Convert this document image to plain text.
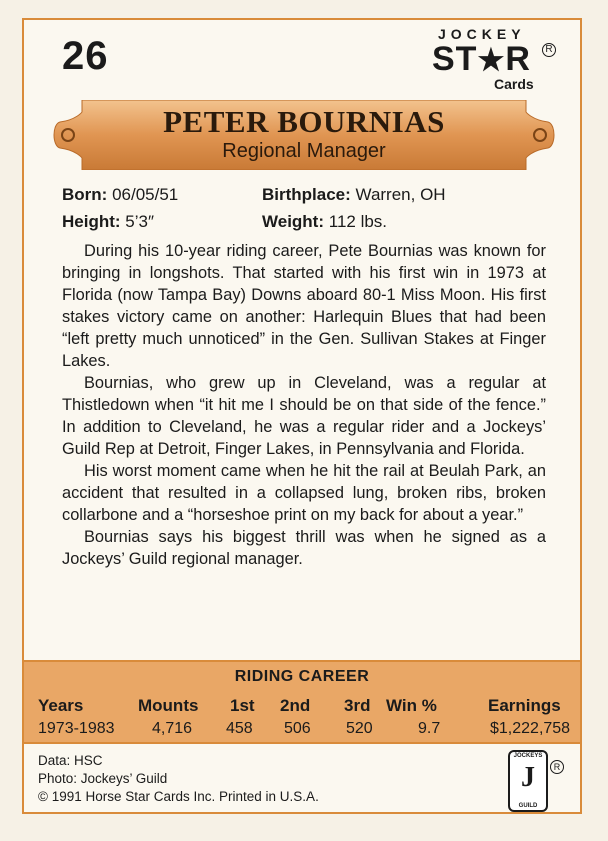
26	JOCKEY
ST★R	R
Cards
PETER BOURNIAS
Regional Manager
Born: 06/05/51	Birthplace: Warren, OH
Height: 5’3″	Weight: 112 lbs.

During his 10-year riding career, Pete Bournias was known for bringing in longshots. That started with his first win in 1973 at Florida (now Tampa Bay) Downs aboard 80-1 Miss Moon. His first stakes victory came on another: Harlequin Blues that had been “left pretty much unnoticed” in the Gen. Sullivan Stakes at Finger Lakes.

Bournias, who grew up in Cleveland, was a regular at Thistledown when “it hit me I should be on that side of the fence.” In addition to Cleveland, he was a regular rider and a Jockeys’ Guild Rep at Detroit, Finger Lakes, in Pennsylvania and Florida.

His worst moment came when he hit the rail at Beulah Park, an accident that resulted in a collapsed lung, broken ribs, broken collarbone and a “horseshoe print on my back for about a year.”

Bournias says his biggest thrill was when he signed as a Jockeys’ Guild regional manager.

RIDING CAREER
Years	Mounts 1st 2nd 3rd Win %	Earnings
1973-1983 4,716 458 506 520	9.7	$1,222,758
Data: HSC
Photo: Jockeys’ Guild
© 1991 Horse Star Cards Inc. Printed in U.S.A.
JOCKEYS
J
GUILD
R
